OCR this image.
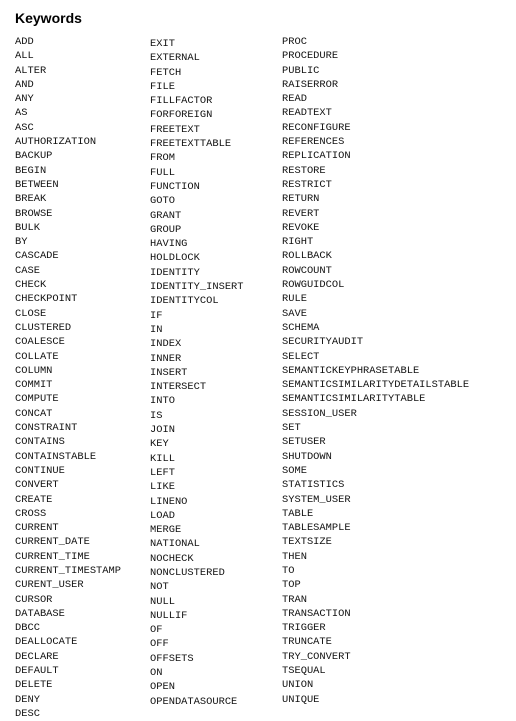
Keywords
ADD
ALL
ALTER
AND
ANY
AS
ASC
AUTHORIZATION
BACKUP
BEGIN
BETWEEN
BREAK
BROWSE
BULK
BY
CASCADE
CASE
CHECK
CHECKPOINT
CLOSE
CLUSTERED
COALESCE
COLLATE
COLUMN
COMMIT
COMPUTE
CONCAT
CONSTRAINT
CONTAINS
CONTAINSTABLE
CONTINUE
CONVERT
CREATE
CROSS
CURRENT
CURRENT_DATE
CURRENT_TIME
CURRENT_TIMESTAMP
CURENT_USER
CURSOR
DATABASE
DBCC
DEALLOCATE
DECLARE
DEFAULT
DELETE
DENY
DESC
EXIT
EXTERNAL
FETCH
FILE
FILLFACTOR
FORFOREIGN
FREETEXT
FREETEXTTABLE
FROM
FULL
FUNCTION
GOTO
GRANT
GROUP
HAVING
HOLDLOCK
IDENTITY
IDENTITY_INSERT
IDENTITYCOL
IF
IN
INDEX
INNER
INSERT
INTERSECT
INTO
IS
JOIN
KEY
KILL
LEFT
LIKE
LINENO
LOAD
MERGE
NATIONAL
NOCHECK
NONCLUSTERED
NOT
NULL
NULLIF
OF
OFF
OFFSETS
ON
OPEN
OPENDATASOURCE
PROC
PROCEDURE
PUBLIC
RAISERROR
READ
READTEXT
RECONFIGURE
REFERENCES
REPLICATION
RESTORE
RESTRICT
RETURN
REVERT
REVOKE
RIGHT
ROLLBACK
ROWCOUNT
ROWGUIDCOL
RULE
SAVE
SCHEMA
SECURITYAUDIT
SELECT
SEMANTICKEYPHRASETABLE
SEMANTICSIMILARITYDETAILSTABLE
SEMANTICSIMILARITYTABLE
SESSION_USER
SET
SETUSER
SHUTDOWN
SOME
STATISTICS
SYSTEM_USER
TABLE
TABLESAMPLE
TEXTSIZE
THEN
TO
TOP
TRAN
TRANSACTION
TRIGGER
TRUNCATE
TRY_CONVERT
TSEQUAL
UNION
UNIQUE
